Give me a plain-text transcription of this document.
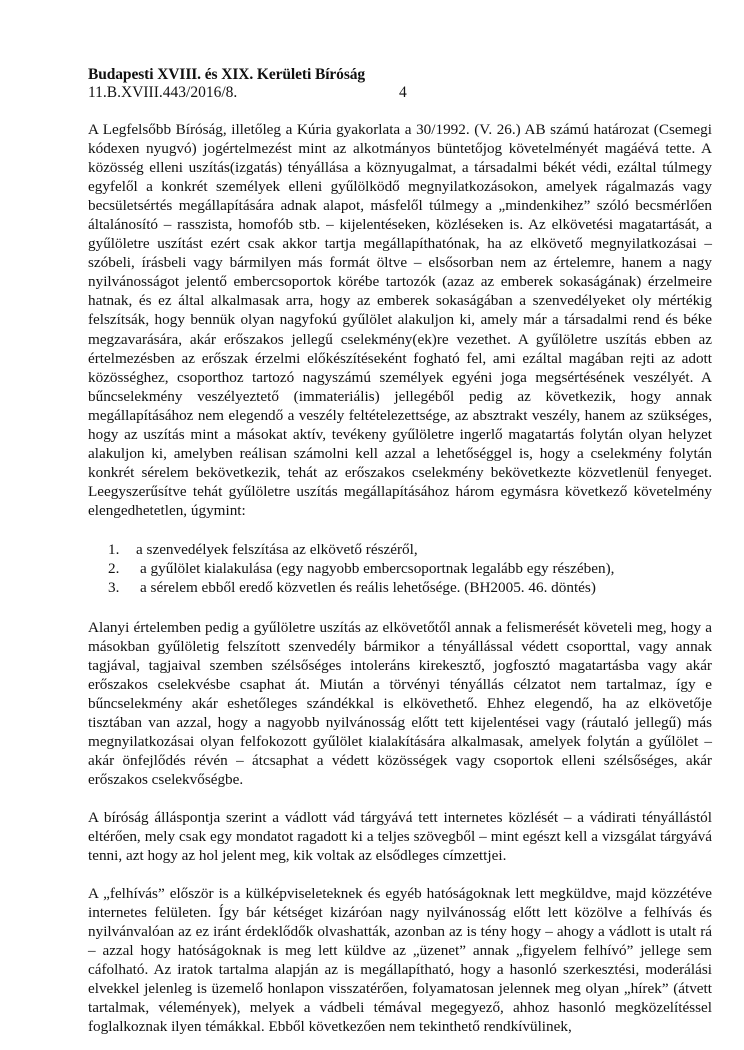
Budapesti XVIII. és XIX. Kerületi Bíróság
11.B.XVIII.443/2016/8.	4

A Legfelsőbb Bíróság, illetőleg a Kúria gyakorlata a 30/1992. (V. 26.) AB számú határozat (Csemegi kódexen nyugvó) jogértelmezést mint az alkotmányos büntetőjog követelményét magáévá tette. A közösség elleni uszítás(izgatás) tényállása a köznyugalmat, a társadalmi békét védi, ezáltal túlmegy egyfelől a konkrét személyek elleni gyűlölködő megnyilatkozásokon, amelyek rágalmazás vagy becsületsértés megállapítására adnak alapot, másfelől túlmegy a „mindenkihez” szóló becsmérlően általánosító – rasszista, homofób stb. – kijelentéseken, közléseken is. Az elkövetési magatartását, a gyűlöletre uszítást ezért csak akkor tartja megállapíthatónak, ha az elkövető megnyilatkozásai – szóbeli, írásbeli vagy bármilyen más formát öltve – elsősorban nem az értelemre, hanem a nagy nyilvánosságot jelentő embercsoportok körébe tartozók (azaz az emberek sokaságának) érzelmeire hatnak, és ez által alkalmasak arra, hogy az emberek sokaságában a szenvedélyeket oly mértékig felszítsák, hogy bennük olyan nagyfokú gyűlölet alakuljon ki, amely már a társadalmi rend és béke megzavarására, akár erőszakos jellegű cselekmény(ek)re vezethet. A gyűlöletre uszítás ebben az értelmezésben az erőszak érzelmi előkészítéseként fogható fel, ami ezáltal magában rejti az adott közösséghez, csoporthoz tartozó nagyszámú személyek egyéni joga megsértésének veszélyét. A bűncselekmény veszélyeztető (immateriális) jellegéből pedig az következik, hogy annak megállapításához nem elegendő a veszély feltételezettsége, az absztrakt veszély, hanem az szükséges, hogy az uszítás mint a másokat aktív, tevékeny gyűlöletre ingerlő magatartás folytán olyan helyzet alakuljon ki, amelyben reálisan számolni kell azzal a lehetőséggel is, hogy a cselekmény folytán konkrét sérelem bekövetkezik, tehát az erőszakos cselekmény bekövetkezte közvetlenül fenyeget. Leegyszerűsítve tehát gyűlöletre uszítás megállapításához három egymásra következő követelmény elengedhetetlen, úgymint:

1.	a szenvedélyek felszítása az elkövető részéről,
2.	a gyűlölet kialakulása (egy nagyobb embercsoportnak legalább egy részében),
3.	a sérelem ebből eredő közvetlen és reális lehetősége. (BH2005. 46. döntés)

Alanyi értelemben pedig a gyűlöletre uszítás az elkövetőtől annak a felismerését követeli meg, hogy a másokban gyűlöletig felszított szenvedély bármikor a tényállással védett csoporttal, vagy annak tagjával, tagjaival szemben szélsőséges intoleráns kirekesztő, jogfosztó magatartásba vagy akár erőszakos cselekvésbe csaphat át. Miután a törvényi tényállás célzatot nem tartalmaz, így e bűncselekmény akár eshetőleges szándékkal is elkövethető. Ehhez elegendő, ha az elkövetője tisztában van azzal, hogy a nagyobb nyilvánosság előtt tett kijelentései vagy (ráutaló jellegű) más megnyilatkozásai olyan felfokozott gyűlölet kialakítására alkalmasak, amelyek folytán a gyűlölet – akár önfejlődés révén – átcsaphat a védett közösségek vagy csoportok elleni szélsőséges, akár erőszakos cselekvőségbe.

A bíróság álláspontja szerint a vádlott vád tárgyává tett internetes közlését – a vádirati tényállástól eltérően, mely csak egy mondatot ragadott ki a teljes szövegből – mint egészt kell a vizsgálat tárgyává tenni, azt hogy az hol jelent meg, kik voltak az elsődleges címzettjei.

A „felhívás” először is a külképviseleteknek és egyéb hatóságoknak lett megküldve, majd közzétéve internetes felületen. Így bár kétséget kizáróan nagy nyilvánosság előtt lett közölve a felhívás és nyilvánvalóan az ez iránt érdeklődők olvashatták, azonban az is tény hogy – ahogy a vádlott is utalt rá – azzal hogy hatóságoknak is meg lett küldve az „üzenet” annak „figyelem felhívó” jellege sem cáfolható. Az iratok tartalma alapján az is megállapítható, hogy a hasonló szerkesztési, moderálási elvekkel jelenleg is üzemelő honlapon visszatérően, folyamatosan jelennek meg olyan „hírek” (átvett tartalmak, vélemények), melyek a vádbeli témával megegyező, ahhoz hasonló megközelítéssel foglalkoznak ilyen témákkal. Ebből következően nem tekinthető rendkívülinek,
